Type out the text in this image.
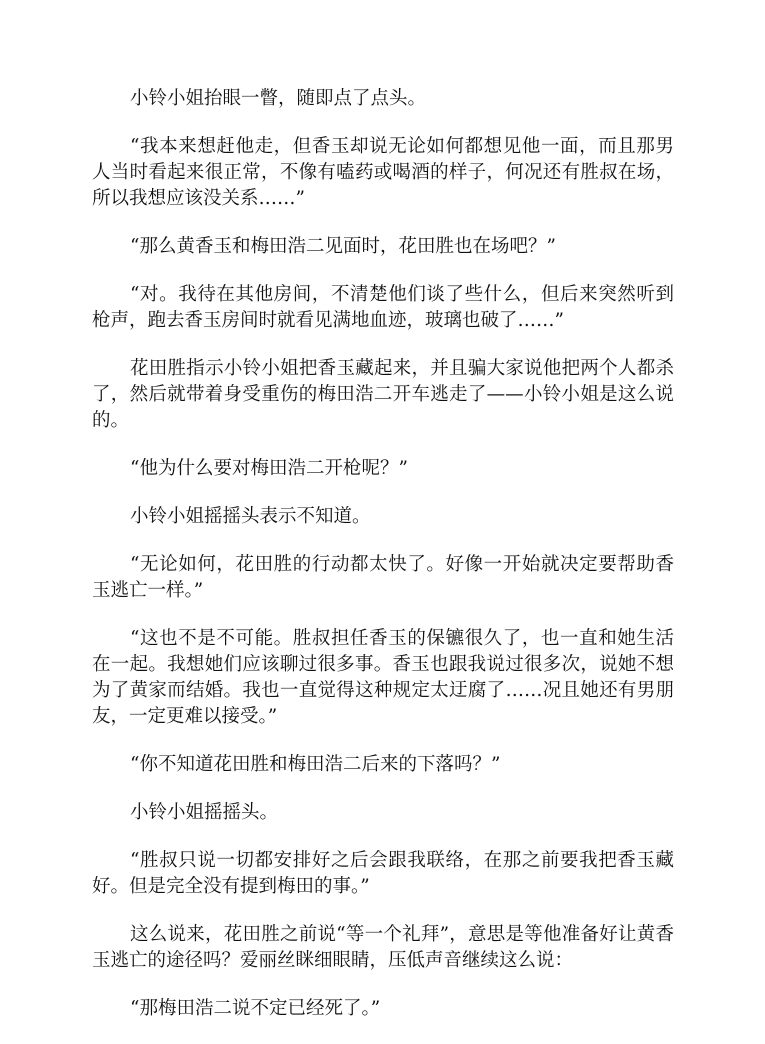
小铃小姐抬眼一瞥，随即点了点头。

“我本来想赶他走，但香玉却说无论如何都想见他一面，而且那男人当时看起来很正常，不像有嗑药或喝酒的样子，何况还有胜叔在场，所以我想应该没关系……”

“那么黄香玉和梅田浩二见面时，花田胜也在场吧？”

“对。我待在其他房间，不清楚他们谈了些什么，但后来突然听到枪声，跑去香玉房间时就看见满地血迹，玻璃也破了……”

花田胜指示小铃小姐把香玉藏起来，并且骗大家说他把两个人都杀了，然后就带着身受重伤的梅田浩二开车逃走了——小铃小姐是这么说的。

“他为什么要对梅田浩二开枪呢？”

小铃小姐摇摇头表示不知道。

“无论如何，花田胜的行动都太快了。好像一开始就决定要帮助香玉逃亡一样。”

“这也不是不可能。胜叔担任香玉的保镳很久了，也一直和她生活在一起。我想她们应该聊过很多事。香玉也跟我说过很多次，说她不想为了黄家而结婚。我也一直觉得这种规定太迂腐了……况且她还有男朋友，一定更难以接受。”

“你不知道花田胜和梅田浩二后来的下落吗？”

小铃小姐摇摇头。

“胜叔只说一切都安排好之后会跟我联络，在那之前要我把香玉藏好。但是完全没有提到梅田的事。”

这么说来，花田胜之前说“等一个礼拜”，意思是等他准备好让黄香玉逃亡的途径吗？爱丽丝眯细眼睛，压低声音继续这么说：

“那梅田浩二说不定已经死了。”
